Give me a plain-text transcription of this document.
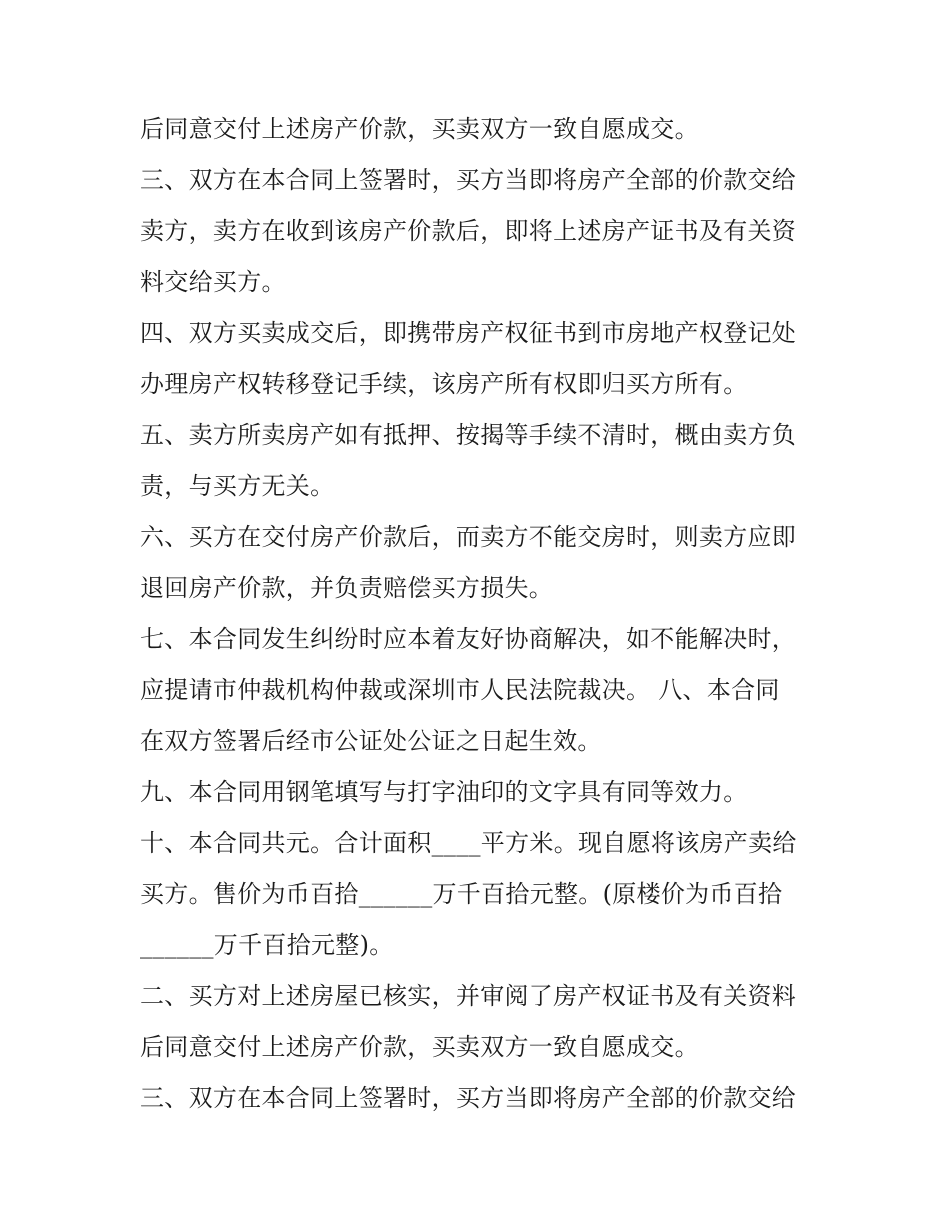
后同意交付上述房产价款，买卖双方一致自愿成交。
三、双方在本合同上签署时，买方当即将房产全部的价款交给
卖方，卖方在收到该房产价款后，即将上述房产证书及有关资
料交给买方。
四、双方买卖成交后，即携带房产权征书到市房地产权登记处
办理房产权转移登记手续，该房产所有权即归买方所有。
五、卖方所卖房产如有抵押、按揭等手续不清时，概由卖方负
责，与买方无关。
六、买方在交付房产价款后，而卖方不能交房时，则卖方应即
退回房产价款，并负责赔偿买方损失。
七、本合同发生纠纷时应本着友好协商解决，如不能解决时，
应提请市仲裁机构仲裁或深圳市人民法院裁决。 八、本合同
在双方签署后经市公证处公证之日起生效。
九、本合同用钢笔填写与打字油印的文字具有同等效力。
十、本合同共元。合计面积____平方米。现自愿将该房产卖给
买方。售价为币百拾______万千百拾元整。(原楼价为币百拾
______万千百拾元整)。
二、买方对上述房屋已核实，并审阅了房产权证书及有关资料
后同意交付上述房产价款，买卖双方一致自愿成交。
三、双方在本合同上签署时，买方当即将房产全部的价款交给
